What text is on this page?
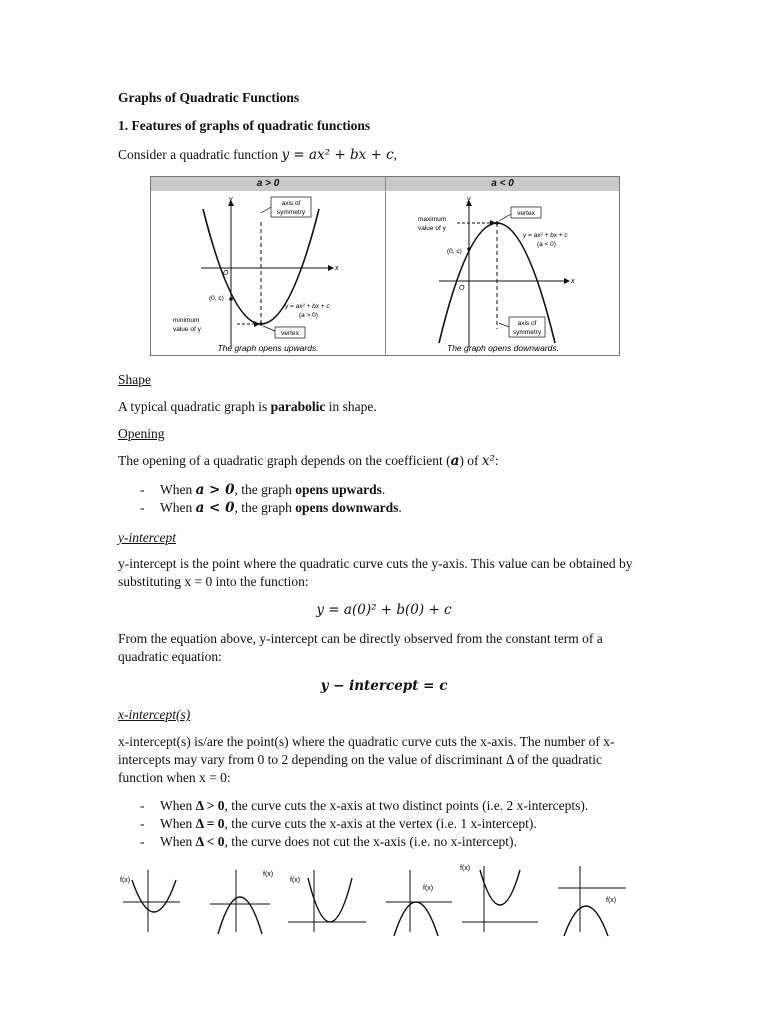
Graphs of Quadratic Functions
1. Features of graphs of quadratic functions
Consider a quadratic function y = ax² + bx + c,
a > 0	a < 0
y
x
O
axis of
symmetry
(0, c)
minimum
value of y
y = ax² + bx + c
(a > 0)
vertex
The graph opens upwards.
y
x
O
maximum
value of y
vertex
y = ax² + bx + c
(a < 0)
(0, c)
axis of
symmetry
The graph opens downwards.
Shape
A typical quadratic graph is parabolic in shape.
Opening
The opening of a quadratic graph depends on the coefficient (a) of x²:
- When a > 0, the graph opens upwards.
- When a < 0, the graph opens downwards.
y-intercept
y-intercept is the point where the quadratic curve cuts the y-axis. This value can be obtained by substituting x = 0 into the function:
y = a(0)² + b(0) + c
From the equation above, y-intercept can be directly observed from the constant term of a quadratic equation:
y − intercept = c
x-intercept(s)
x-intercept(s) is/are the point(s) where the quadratic curve cuts the x-axis. The number of x-intercepts may vary from 0 to 2 depending on the value of discriminant Δ of the quadratic function when x = 0:
- When Δ > 0, the curve cuts the x-axis at two distinct points (i.e. 2 x-intercepts).
- When Δ = 0, the curve cuts the x-axis at the vertex (i.e. 1 x-intercept).
- When Δ < 0, the curve does not cut the x-axis (i.e. no x-intercept).
f(x)
f(x)
f(x)
f(x)
f(x)
f(x)
